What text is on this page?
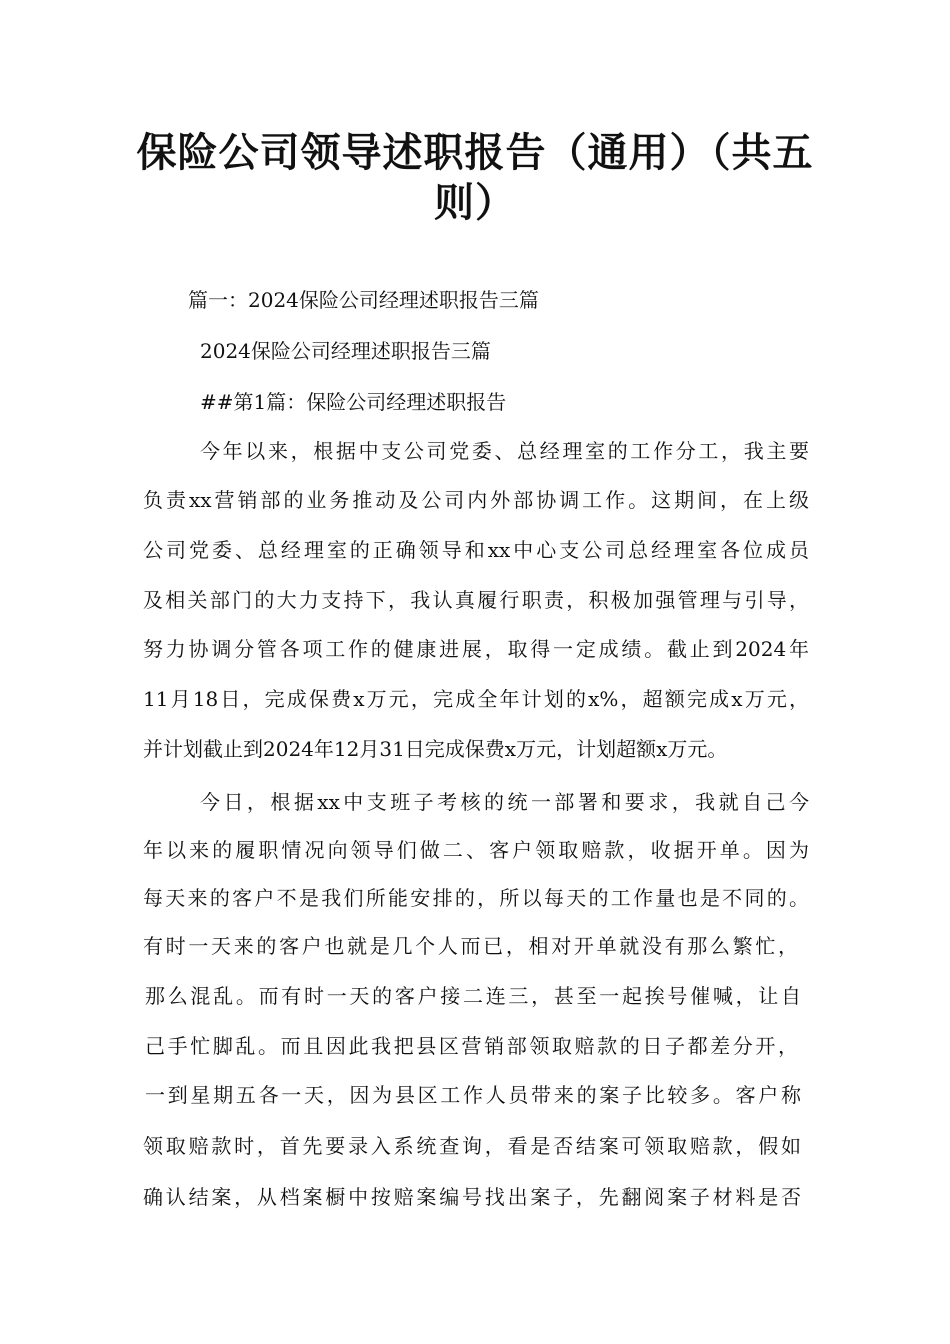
保险公司领导述职报告（通用）（共五
则）

篇一：2024保险公司经理述职报告三篇

2024保险公司经理述职报告三篇

##第1篇：保险公司经理述职报告

今年以来，根据中支公司党委、总经理室的工作分工，我主要

负责xx营销部的业务推动及公司内外部协调工作。这期间，在上级

公司党委、总经理室的正确领导和xx中心支公司总经理室各位成员

及相关部门的大力支持下，我认真履行职责，积极加强管理与引导，

努力协调分管各项工作的健康进展，取得一定成绩。截止到2024年

11月18日，完成保费x万元，完成全年计划的x%，超额完成x万元，

并计划截止到2024年12月31日完成保费x万元，计划超额x万元。

今日，根据xx中支班子考核的统一部署和要求，我就自己今

年以来的履职情况向领导们做二、客户领取赔款，收据开单。因为

每天来的客户不是我们所能安排的，所以每天的工作量也是不同的。

有时一天来的客户也就是几个人而已，相对开单就没有那么繁忙，

那么混乱。而有时一天的客户接二连三，甚至一起挨号催喊，让自

己手忙脚乱。而且因此我把县区营销部领取赔款的日子都差分开，

一到星期五各一天，因为县区工作人员带来的案子比较多。客户称

领取赔款时，首先要录入系统查询，看是否结案可领取赔款，假如

确认结案，从档案橱中按赔案编号找出案子，先翻阅案子材料是否
